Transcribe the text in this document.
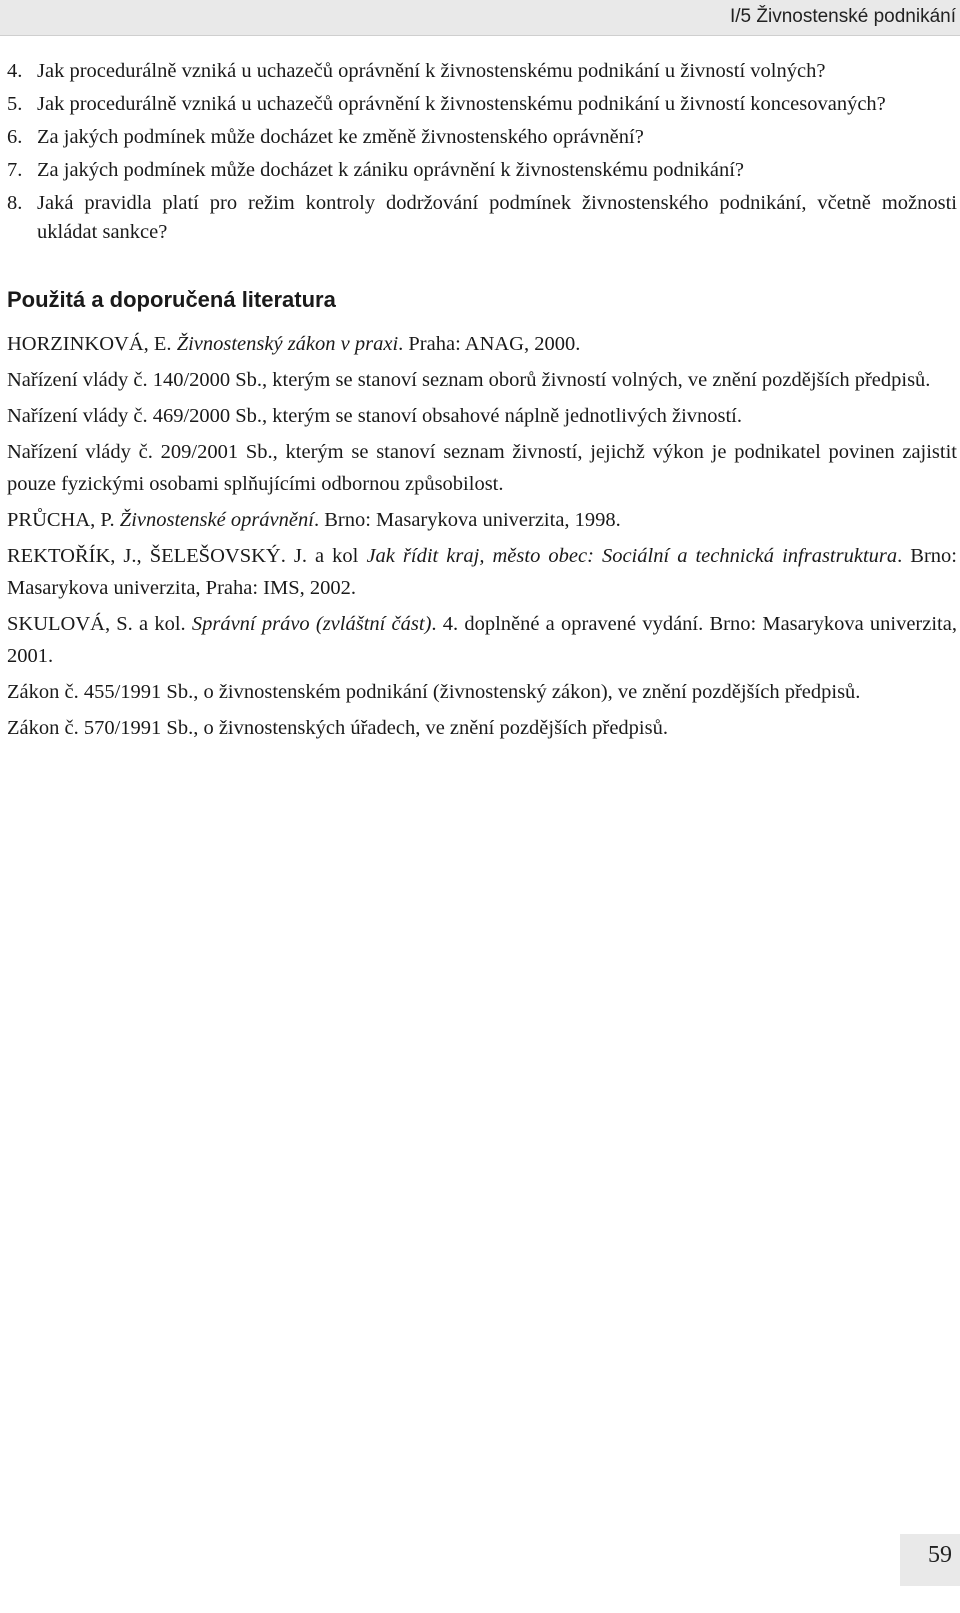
I/5 Živnostenské podnikání
4. Jak procedurálně vzniká u uchazečů oprávnění k živnostenskému podnikání u živností volných?
5. Jak procedurálně vzniká u uchazečů oprávnění k živnostenskému podnikání u živností koncesovaných?
6. Za jakých podmínek může docházet ke změně živnostenského oprávnění?
7. Za jakých podmínek může docházet k zániku oprávnění k živnostenskému podnikání?
8. Jaká pravidla platí pro režim kontroly dodržování podmínek živnostenského podnikání, včetně možnosti ukládat sankce?
Použitá a doporučená literatura
HORZINKOVÁ, E. Živnostenský zákon v praxi. Praha: ANAG, 2000.
Nařízení vlády č. 140/2000 Sb., kterým se stanoví seznam oborů živností volných, ve znění pozdějších předpisů.
Nařízení vlády č. 469/2000 Sb., kterým se stanoví obsahové náplně jednotlivých živností.
Nařízení vlády č. 209/2001 Sb., kterým se stanoví seznam živností, jejichž výkon je podnikatel povinen zajistit pouze fyzickými osobami splňujícími odbornou způsobilost.
PRŮCHA, P. Živnostenské oprávnění. Brno: Masarykova univerzita, 1998.
REKTOŘÍK, J., ŠELEŠOVSKÝ. J. a kol Jak řídit kraj, město obec: Sociální a technická infrastruktura. Brno: Masarykova univerzita, Praha: IMS, 2002.
SKULOVÁ, S. a kol. Správní právo (zvláštní část). 4. doplněné a opravené vydání. Brno: Masarykova univerzita, 2001.
Zákon č. 455/1991 Sb., o živnostenském podnikání (živnostenský zákon), ve znění pozdějších předpisů.
Zákon č. 570/1991 Sb., o živnostenských úřadech, ve znění pozdějších předpisů.
59
